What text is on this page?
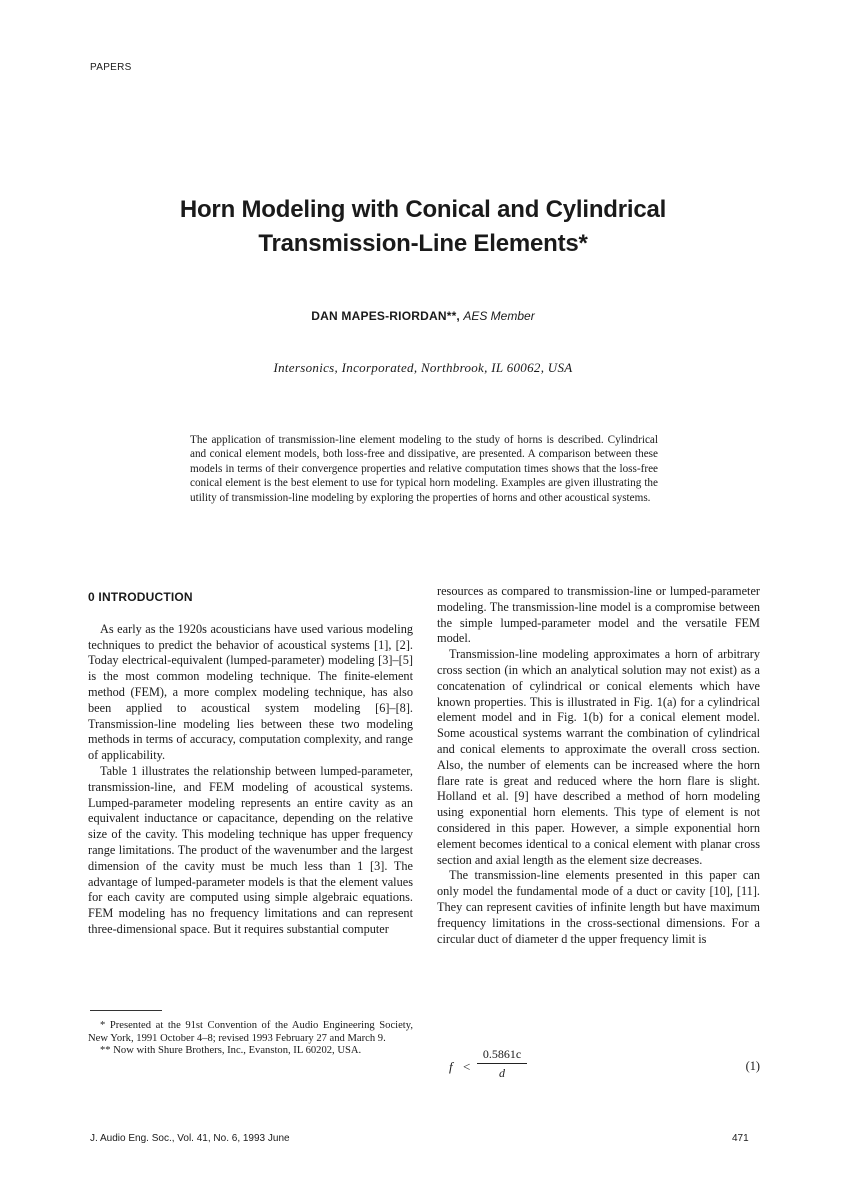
PAPERS
Horn Modeling with Conical and Cylindrical
Transmission-Line Elements*
DAN MAPES-RIORDAN**, AES Member
Intersonics, Incorporated, Northbrook, IL 60062, USA
The application of transmission-line element modeling to the study of horns is described. Cylindrical and conical element models, both loss-free and dissipative, are presented. A comparison between these models in terms of their convergence properties and relative computation times shows that the loss-free conical element is the best element to use for typical horn modeling. Examples are given illustrating the utility of transmission-line modeling by exploring the properties of horns and other acoustical systems.
0 INTRODUCTION

As early as the 1920s acousticians have used various modeling techniques to predict the behavior of acoustical systems [1], [2]. Today electrical-equivalent (lumped-parameter) modeling [3]–[5] is the most common modeling technique. The finite-element method (FEM), a more complex modeling technique, has also been applied to acoustical system modeling [6]–[8]. Transmission-line modeling lies between these two modeling methods in terms of accuracy, computation complexity, and range of applicability.

Table 1 illustrates the relationship between lumped-parameter, transmission-line, and FEM modeling of acoustical systems. Lumped-parameter modeling represents an entire cavity as an equivalent inductance or capacitance, depending on the relative size of the cavity. This modeling technique has upper frequency range limitations. The product of the wavenumber and the largest dimension of the cavity must be much less than 1 [3]. The advantage of lumped-parameter models is that the element values for each cavity are computed using simple algebraic equations. FEM modeling has no frequency limitations and can represent three-dimensional space. But it requires substantial computer

* Presented at the 91st Convention of the Audio Engineering Society, New York, 1991 October 4–8; revised 1993 February 27 and March 9.

** Now with Shure Brothers, Inc., Evanston, IL 60202, USA.

resources as compared to transmission-line or lumped-parameter modeling. The transmission-line model is a compromise between the simple lumped-parameter model and the versatile FEM model.

Transmission-line modeling approximates a horn of arbitrary cross section (in which an analytical solution may not exist) as a concatenation of cylindrical or conical elements which have known properties. This is illustrated in Fig. 1(a) for a cylindrical element model and in Fig. 1(b) for a conical element model. Some acoustical systems warrant the combination of cylindrical and conical elements to approximate the overall cross section. Also, the number of elements can be increased where the horn flare rate is great and reduced where the horn flare is slight. Holland et al. [9] have described a method of horn modeling using exponential horn elements. This type of element is not considered in this paper. However, a simple exponential horn element becomes identical to a conical element with planar cross section and axial length as the element size decreases.

The transmission-line elements presented in this paper can only model the fundamental mode of a duct or cavity [10], [11]. They can represent cavities of infinite length but have maximum frequency limitations in the cross-sectional dimensions. For a circular duct of diameter d the upper frequency limit is

f <
0.5861c
d	(1)
J. Audio Eng. Soc., Vol. 41, No. 6, 1993 June	471
